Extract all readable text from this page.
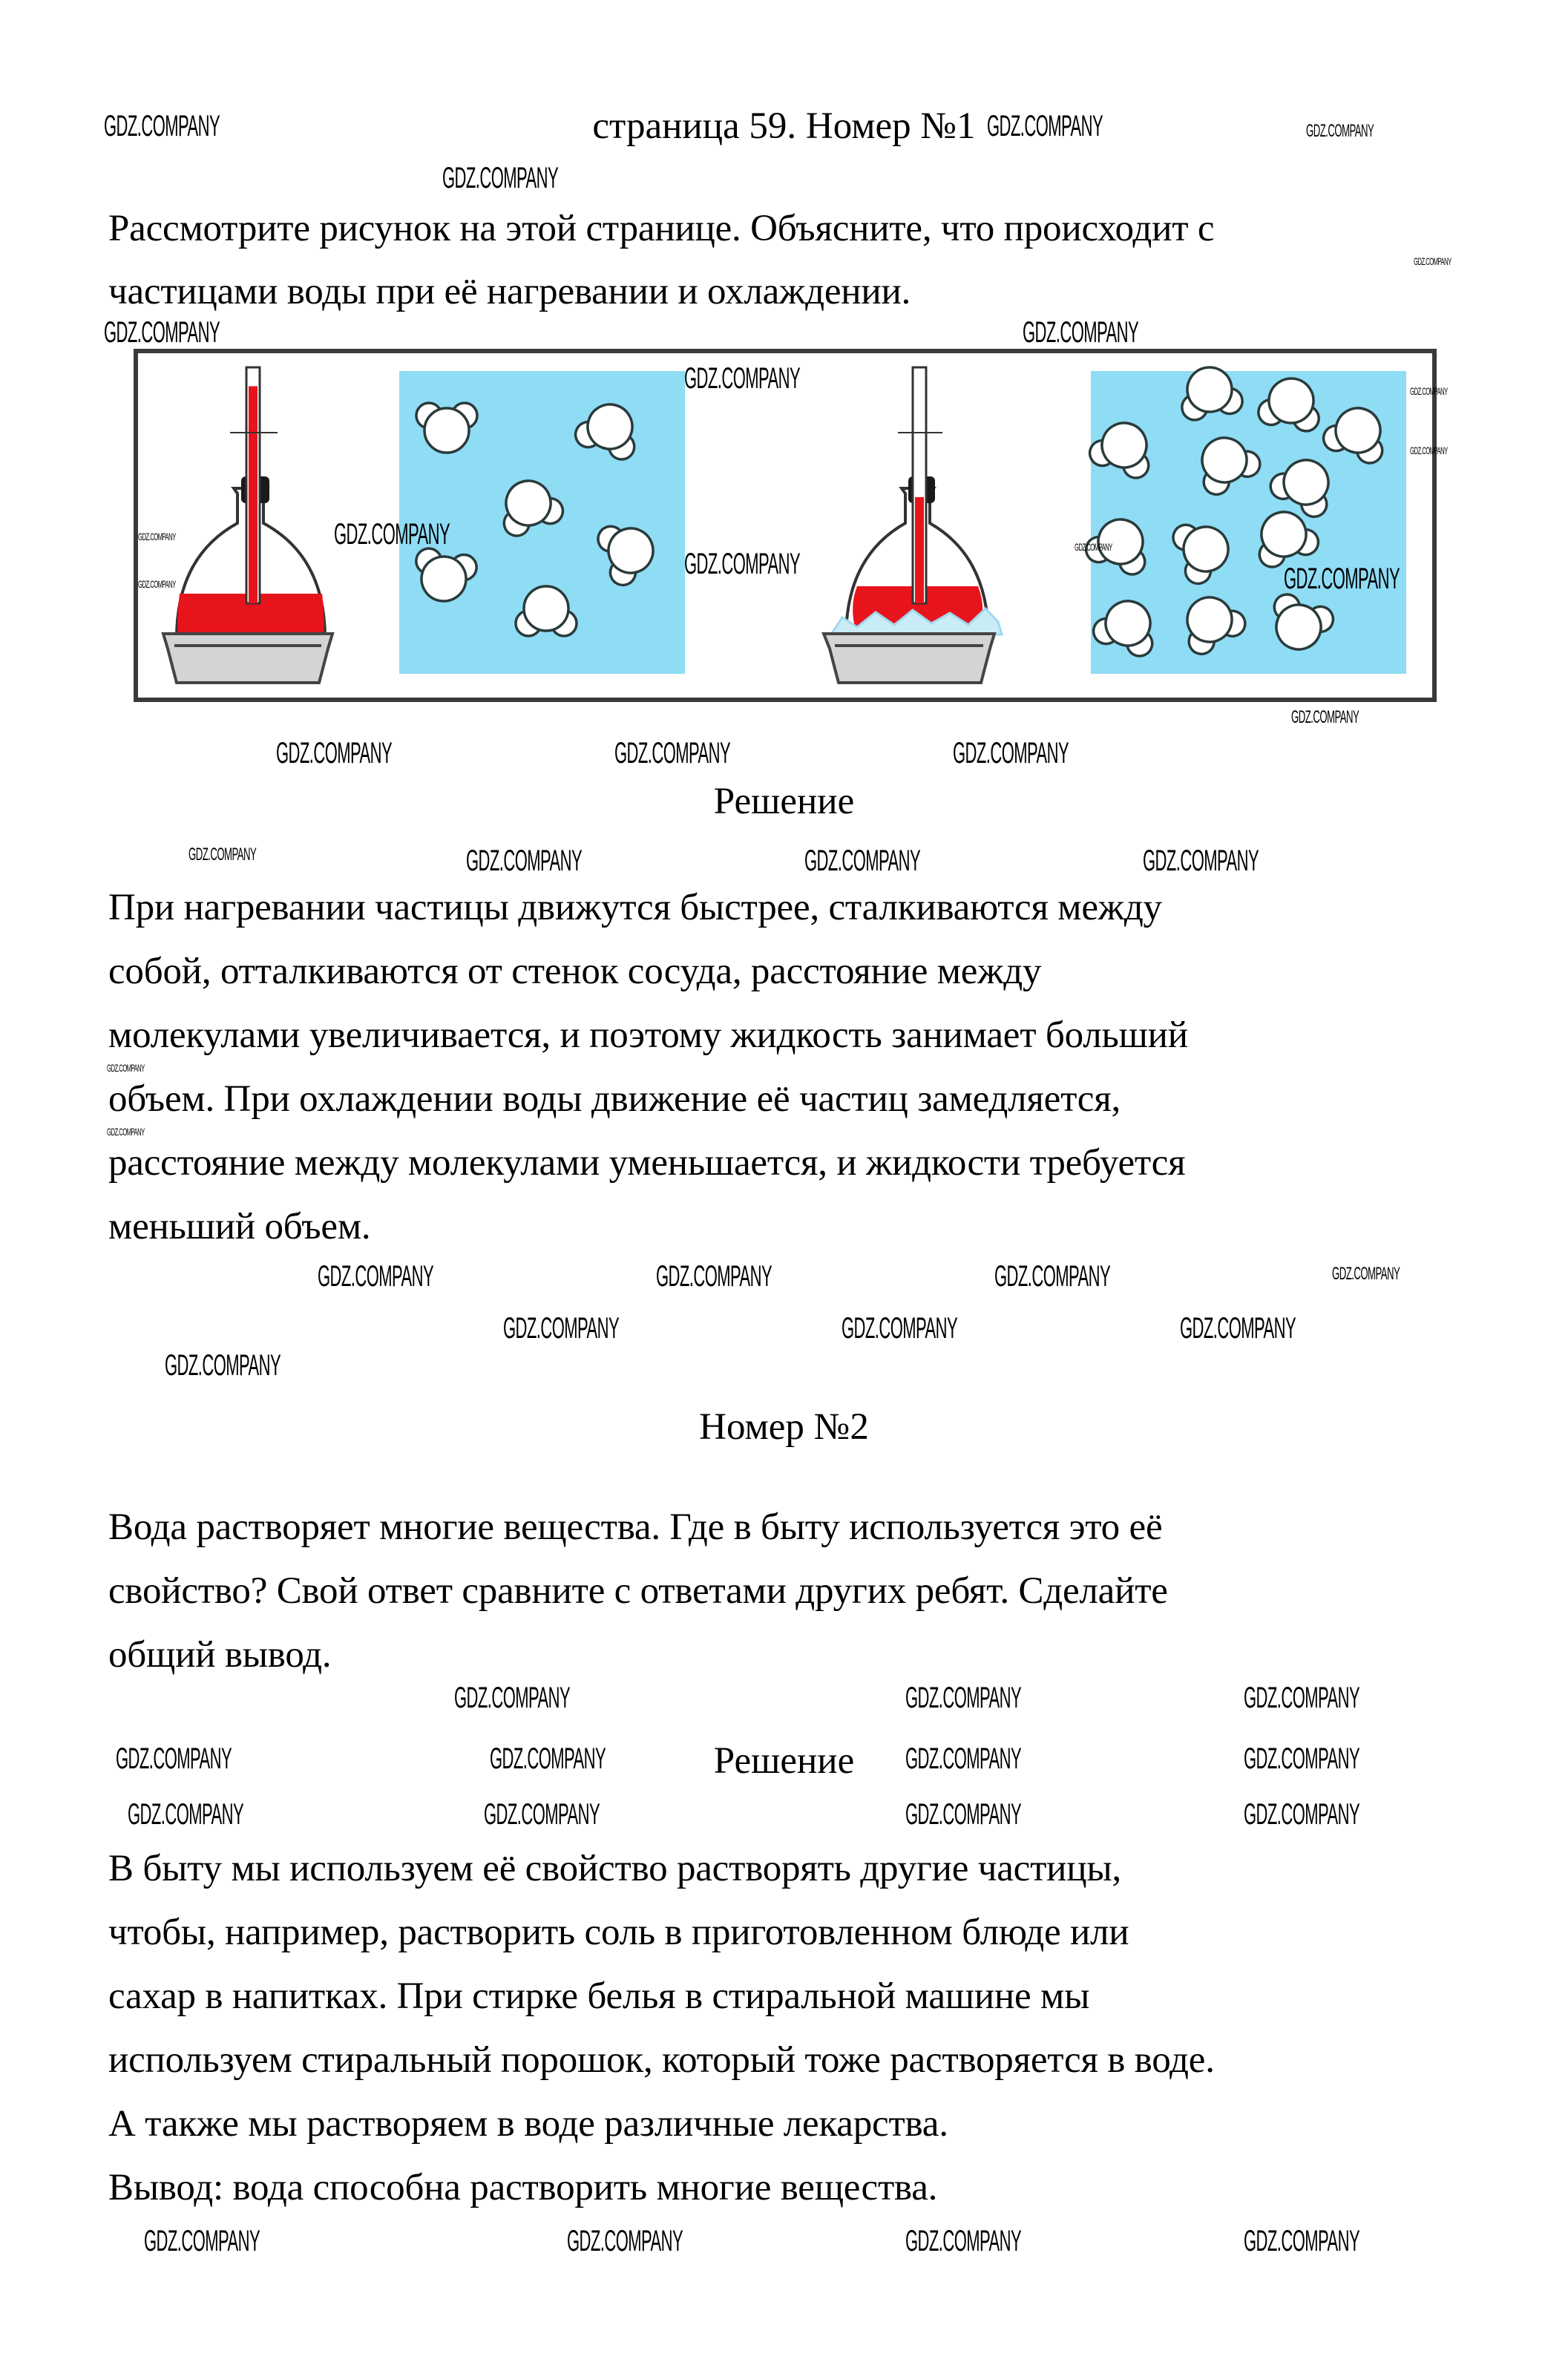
страница 59. Номер №1
Рассмотрите рисунок на этой странице. Объясните, что происходит с
частицами воды при её нагревании и охлаждении.
Решение
При нагревании частицы движутся быстрее, сталкиваются между
собой, отталкиваются от стенок сосуда, расстояние между
молекулами увеличивается, и поэтому жидкость занимает больший
объем. При охлаждении воды движение её частиц замедляется,
расстояние между молекулами уменьшается, и жидкости требуется
меньший объем.
Номер №2
Вода растворяет многие вещества. Где в быту используется это её
свойство? Свой ответ сравните с ответами других ребят. Сделайте
общий вывод.
Решение
В быту мы используем её свойство растворять другие частицы,
чтобы, например, растворить соль в приготовленном блюде или
сахар в напитках. При стирке белья в стиральной машине мы
используем стиральный порошок, который тоже растворяется в воде.
А также мы растворяем в воде различные лекарства.
Вывод: вода способна растворить многие вещества.
GDZ.COMPANY	GDZ.COMPANY	GDZ.COMPANY
GDZ.COMPANY
GDZ.COMPANY
GDZ.COMPANY	GDZ.COMPANY
GDZ.COMPANY	GDZ.COMPANY
GDZ.COMPANY
GDZ.COMPANY
GDZ.COMPANY
GDZ.COMPANY
GDZ.COMPANY
GDZ.COMPANY
GDZ.COMPANY
GDZ.COMPANY
GDZ.COMPANY	GDZ.COMPANY	GDZ.COMPANY
GDZ.COMPANY	GDZ.COMPANY	GDZ.COMPANY	GDZ.COMPANY
GDZ.COMPANY
GDZ.COMPANY
GDZ.COMPANY	GDZ.COMPANY	GDZ.COMPANY	GDZ.COMPANY
GDZ.COMPANY	GDZ.COMPANY	GDZ.COMPANY
GDZ.COMPANY
GDZ.COMPANY	GDZ.COMPANY	GDZ.COMPANY
GDZ.COMPANY	GDZ.COMPANY	GDZ.COMPANY	GDZ.COMPANY
GDZ.COMPANY	GDZ.COMPANY	GDZ.COMPANY	GDZ.COMPANY
GDZ.COMPANY	GDZ.COMPANY	GDZ.COMPANY	GDZ.COMPANY
